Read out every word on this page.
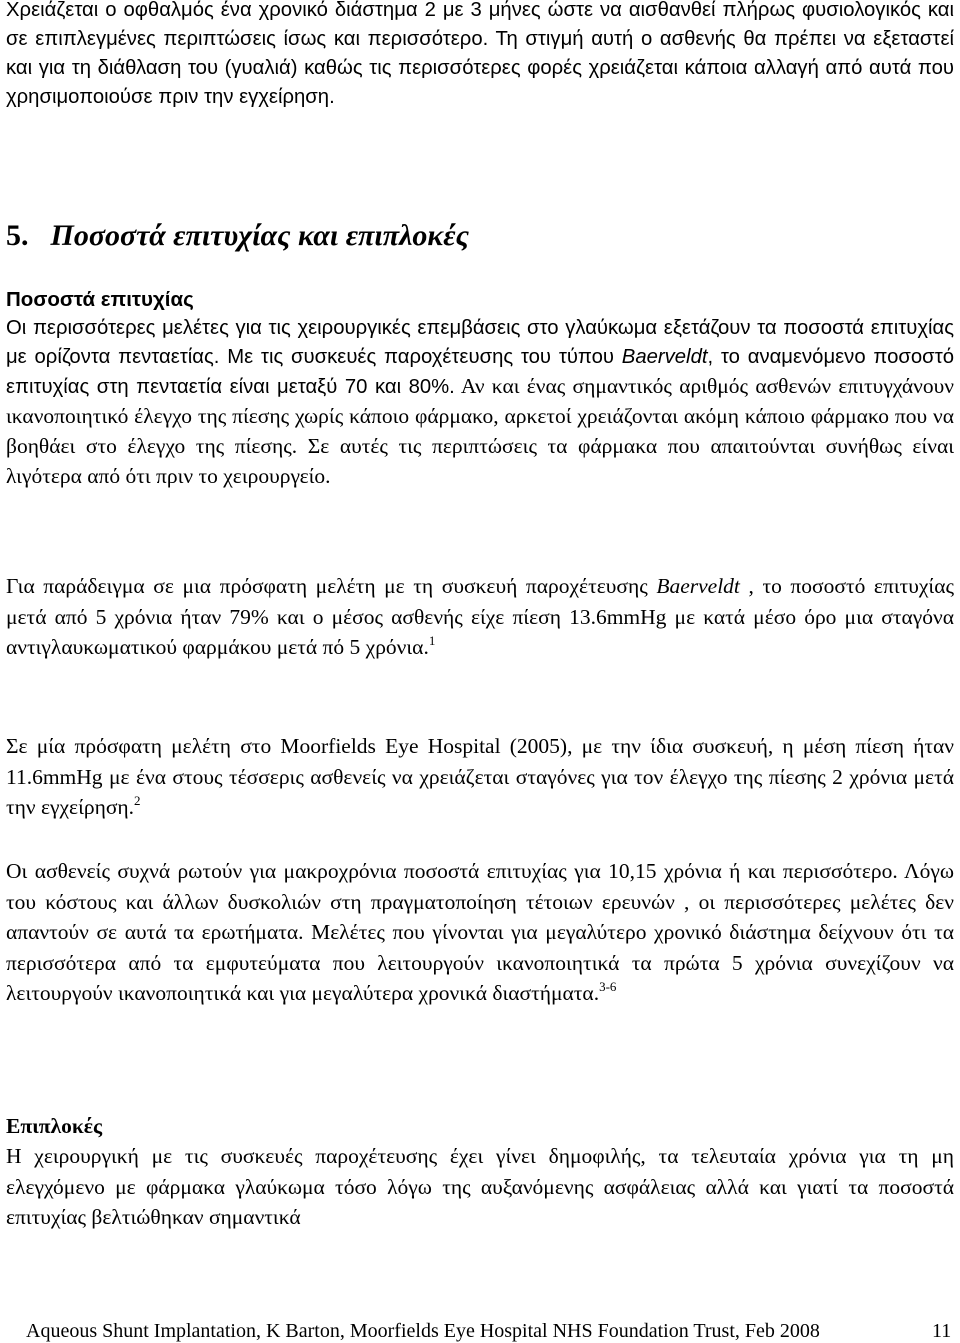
Χρειάζεται ο οφθαλμός ένα χρονικό διάστημα 2 με 3 μήνες ώστε να αισθανθεί πλήρως φυσιολογικός και σε επιπλεγμένες περιπτώσεις ίσως και περισσότερο. Τη στιγμή αυτή ο ασθενής θα πρέπει να εξεταστεί και για τη διάθλαση του (γυαλιά) καθώς τις περισσότερες φορές χρειάζεται κάποια αλλαγή από αυτά που χρησιμοποιούσε πριν την εγχείρηση.

5. Ποσοστά επιτυχίας και επιπλοκές
Ποσοστά επιτυχίας

Οι περισσότερες μελέτες για τις χειρουργικές επεμβάσεις στο γλαύκωμα εξετάζουν τα ποσοστά επιτυχίας με ορίζοντα πενταετίας. Με τις συσκευές παροχέτευσης του τύπου Baerveldt, το αναμενόμενο ποσοστό επιτυχίας στη πενταετία είναι μεταξύ 70 και 80%. Αν και ένας σημαντικός αριθμός ασθενών επιτυγχάνουν ικανοποιητικό έλεγχο της πίεσης χωρίς κάποιο φάρμακο, αρκετοί χρειάζονται ακόμη κάποιο φάρμακο που να βοηθάει στο έλεγχο της πίεσης. Σε αυτές τις περιπτώσεις τα φάρμακα που απαιτούνται συνήθως είναι λιγότερα από ότι πριν το χειρουργείο.

Για παράδειγμα σε μια πρόσφατη μελέτη με τη συσκευή παροχέτευσης Baerveldt , το ποσοστό επιτυχίας μετά από 5 χρόνια ήταν 79% και ο μέσος ασθενής είχε πίεση 13.6mmHg με κατά μέσο όρο μια σταγόνα αντιγλαυκωματικού φαρμάκου μετά πό 5 χρόνια.$^1$

Σε μία πρόσφατη μελέτη στο Moorfields Eye Hospital (2005), με την ίδια συσκευή, η μέση πίεση ήταν 11.6mmHg με ένα στους τέσσερις ασθενείς να χρειάζεται σταγόνες για τον έλεγχο της πίεσης 2 χρόνια μετά την εγχείρηση.$^2$

Οι ασθενείς συχνά ρωτούν για μακροχρόνια ποσοστά επιτυχίας για 10,15 χρόνια ή και περισσότερο. Λόγω του κόστους και άλλων δυσκολιών στη πραγματοποίηση τέτοιων ερευνών , οι περισσότερες μελέτες δεν απαντούν σε αυτά τα ερωτήματα. Μελέτες που γίνονται για μεγαλύτερο χρονικό διάστημα δείχνουν ότι τα περισσότερα από τα εμφυτεύματα που λειτουργούν ικανοποιητικά τα πρώτα 5 χρόνια συνεχίζουν να λειτουργούν ικανοποιητικά και για μεγαλύτερα χρονικά διαστήματα.$^{3-6}$

Επιπλοκές

Η χειρουργική με τις συσκευές παροχέτευσης έχει γίνει δημοφιλής, τα τελευταία χρόνια για τη μη ελεγχόμενο με φάρμακα γλαύκωμα τόσο λόγω της αυξανόμενης ασφάλειας αλλά και γιατί τα ποσοστά επιτυχίας βελτιώθηκαν σημαντικά

Aqueous Shunt Implantation, K Barton, Moorfields Eye Hospital NHS Foundation Trust, Feb 2008	11
